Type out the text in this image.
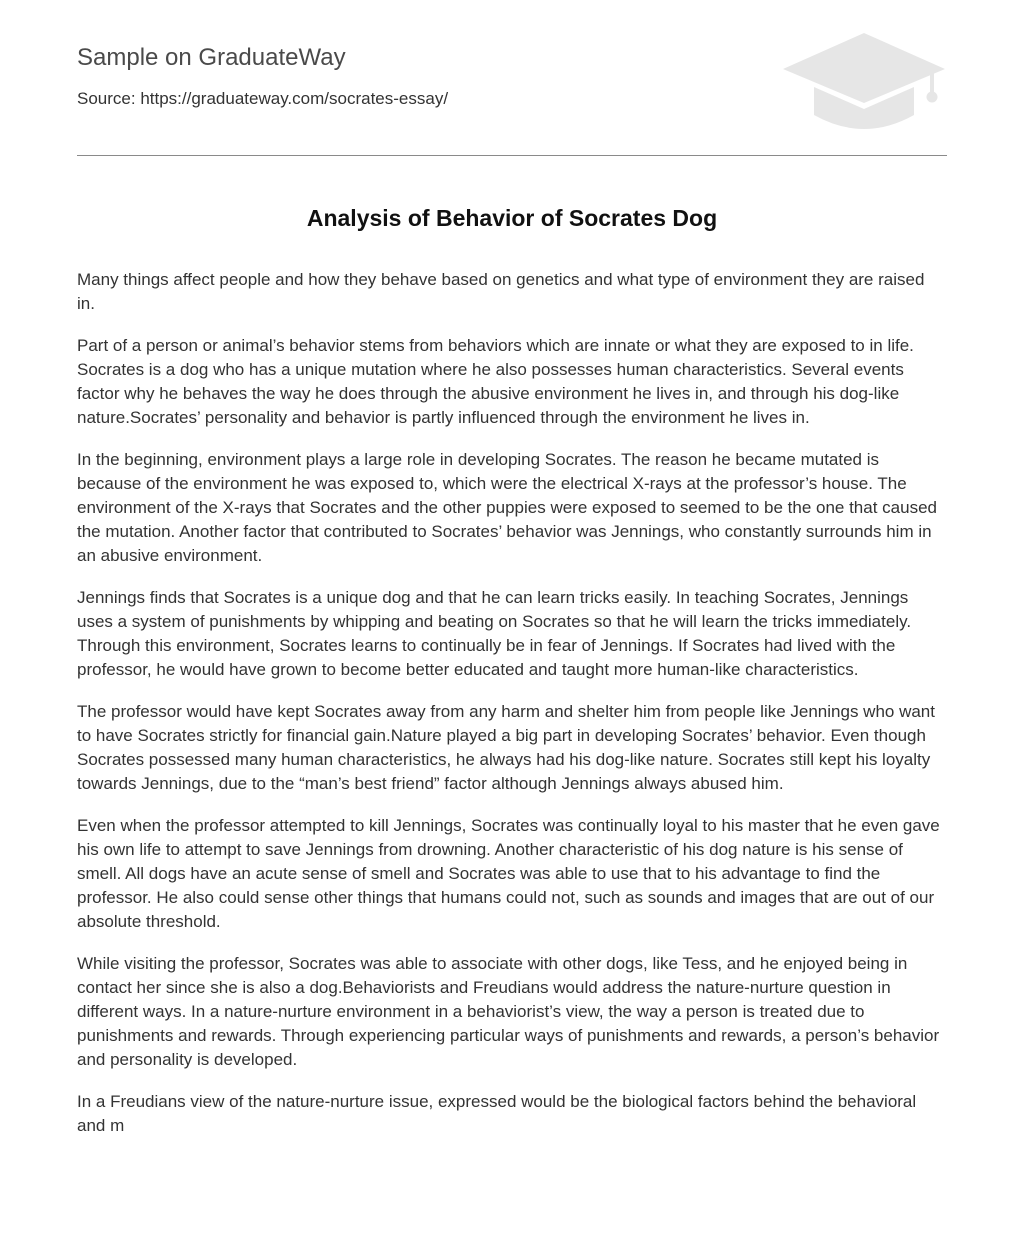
Sample on GraduateWay
Source: https://graduateway.com/socrates-essay/
Analysis of Behavior of Socrates Dog

Many things affect people and how they behave based on genetics and what type of environment they are raised in.

Part of a person or animal’s behavior stems from behaviors which are innate or what they are exposed to in life. Socrates is a dog who has a unique mutation where he also possesses human characteristics. Several events factor why he behaves the way he does through the abusive environment he lives in, and through his dog-like nature.Socrates’ personality and behavior is partly influenced through the environment he lives in.

In the beginning, environment plays a large role in developing Socrates. The reason he became mutated is because of the environment he was exposed to, which were the electrical X-rays at the professor’s house. The environment of the X-rays that Socrates and the other puppies were exposed to seemed to be the one that caused the mutation. Another factor that contributed to Socrates’ behavior was Jennings, who constantly surrounds him in an abusive environment.

Jennings finds that Socrates is a unique dog and that he can learn tricks easily. In teaching Socrates, Jennings uses a system of punishments by whipping and beating on Socrates so that he will learn the tricks immediately. Through this environment, Socrates learns to continually be in fear of Jennings. If Socrates had lived with the professor, he would have grown to become better educated and taught more human-like characteristics.

The professor would have kept Socrates away from any harm and shelter him from people like Jennings who want to have Socrates strictly for financial gain.Nature played a big part in developing Socrates’ behavior. Even though Socrates possessed many human characteristics, he always had his dog-like nature. Socrates still kept his loyalty towards Jennings, due to the “man’s best friend” factor although Jennings always abused him.

Even when the professor attempted to kill Jennings, Socrates was continually loyal to his master that he even gave his own life to attempt to save Jennings from drowning. Another characteristic of his dog nature is his sense of smell. All dogs have an acute sense of smell and Socrates was able to use that to his advantage to find the professor. He also could sense other things that humans could not, such as sounds and images that are out of our absolute threshold.

While visiting the professor, Socrates was able to associate with other dogs, like Tess, and he enjoyed being in contact her since she is also a dog.Behaviorists and Freudians would address the nature-nurture question in different ways. In a nature-nurture environment in a behaviorist’s view, the way a person is treated due to punishments and rewards. Through experiencing particular ways of punishments and rewards, a person’s behavior and personality is developed.

In a Freudians view of the nature-nurture issue, expressed would be the biological factors behind the behavioral and m
